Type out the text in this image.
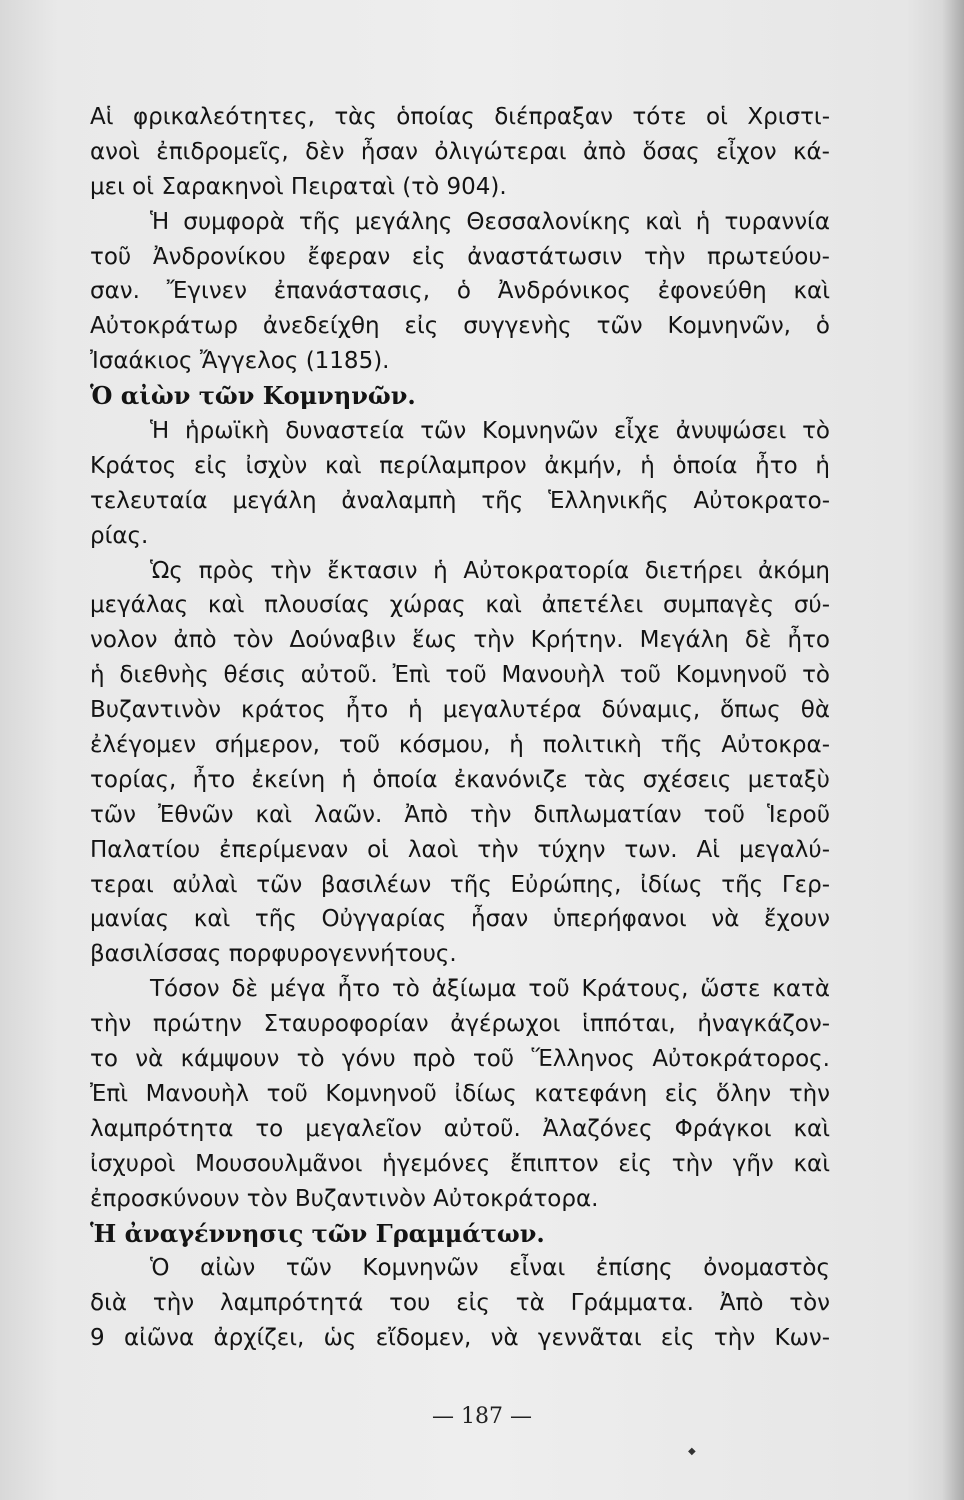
Αἱ φρικαλεότητες, τὰς ὁποίας διέπραξαν τότε οἱ Χριστι-
ανοὶ ἐπιδρομεῖς, δὲν ἦσαν ὀλιγώτεραι ἀπὸ ὅσας εἶχον κά-
μει οἱ Σαρακηνοὶ Πειραταὶ (τὸ 904).
Ἡ συμφορὰ τῆς μεγάλης Θεσσαλονίκης καὶ ἡ τυραννία
τοῦ Ἀνδρονίκου ἔφεραν εἰς ἀναστάτωσιν τὴν πρωτεύου-
σαν. Ἔγινεν ἐπανάστασις, ὁ Ἀνδρόνικος ἐφονεύθη καὶ
Αὐτοκράτωρ ἀνεδείχθη εἰς συγγενὴς τῶν Κομνηνῶν, ὁ
Ἰσαάκιος Ἄγγελος (1185).
Ὁ αἰὼν τῶν Κομνηνῶν.
Ἡ ἡρωϊκὴ δυναστεία τῶν Κομνηνῶν εἶχε ἀνυψώσει τὸ
Κράτος εἰς ἰσχὺν καὶ περίλαμπρον ἀκμήν, ἡ ὁποία ἦτο ἡ
τελευταία μεγάλη ἀναλαμπὴ τῆς Ἑλληνικῆς Αὐτοκρατο-
ρίας.
Ὡς πρὸς τὴν ἔκτασιν ἡ Αὐτοκρατορία διετήρει ἀκόμη
μεγάλας καὶ πλουσίας χώρας καὶ ἀπετέλει συμπαγὲς σύ-
νολον ἀπὸ τὸν Δούναβιν ἕως τὴν Κρήτην. Μεγάλη δὲ ἦτο
ἡ διεθνὴς θέσις αὐτοῦ. Ἐπὶ τοῦ Μανουὴλ τοῦ Κομνηνοῦ τὸ
Βυζαντινὸν κράτος ἦτο ἡ μεγαλυτέρα δύναμις, ὅπως θὰ
ἐλέγομεν σήμερον, τοῦ κόσμου, ἡ πολιτικὴ τῆς Αὐτοκρα-
τορίας, ἦτο ἐκείνη ἡ ὁποία ἐκανόνιζε τὰς σχέσεις μεταξὺ
τῶν Ἐθνῶν καὶ λαῶν. Ἀπὸ τὴν διπλωματίαν τοῦ Ἱεροῦ
Παλατίου ἐπερίμεναν οἱ λαοὶ τὴν τύχην των. Αἱ μεγαλύ-
τεραι αὐλαὶ τῶν βασιλέων τῆς Εὐρώπης, ἰδίως τῆς Γερ-
μανίας καὶ τῆς Οὐγγαρίας ἦσαν ὑπερήφανοι νὰ ἔχουν
βασιλίσσας πορφυρογεννήτους.
Τόσον δὲ μέγα ἦτο τὸ ἀξίωμα τοῦ Κράτους, ὥστε κατὰ
τὴν πρώτην Σταυροφορίαν ἀγέρωχοι ἱππόται, ἠναγκάζον-
το νὰ κάμψουν τὸ γόνυ πρὸ τοῦ Ἕλληνος Αὐτοκράτορος.
Ἐπὶ Μανουὴλ τοῦ Κομνηνοῦ ἰδίως κατεφάνη εἰς ὅλην τὴν
λαμπρότητα το μεγαλεῖον αὐτοῦ. Ἀλαζόνες Φράγκοι καὶ
ἰσχυροὶ Μουσουλμᾶνοι ἡγεμόνες ἔπιπτον εἰς τὴν γῆν καὶ
ἐπροσκύνουν τὸν Βυζαντινὸν Αὐτοκράτορα.
Ἡ ἀναγέννησις τῶν Γραμμάτων.
Ὁ αἰὼν τῶν Κομνηνῶν εἶναι ἐπίσης ὀνομαστὸς
διὰ τὴν λαμπρότητά του εἰς τὰ Γράμματα. Ἀπὸ τὸν
9 αἰῶνα ἀρχίζει, ὡς εἴδομεν, νὰ γεννᾶται εἰς τὴν Κων-
— 187 —
◆
